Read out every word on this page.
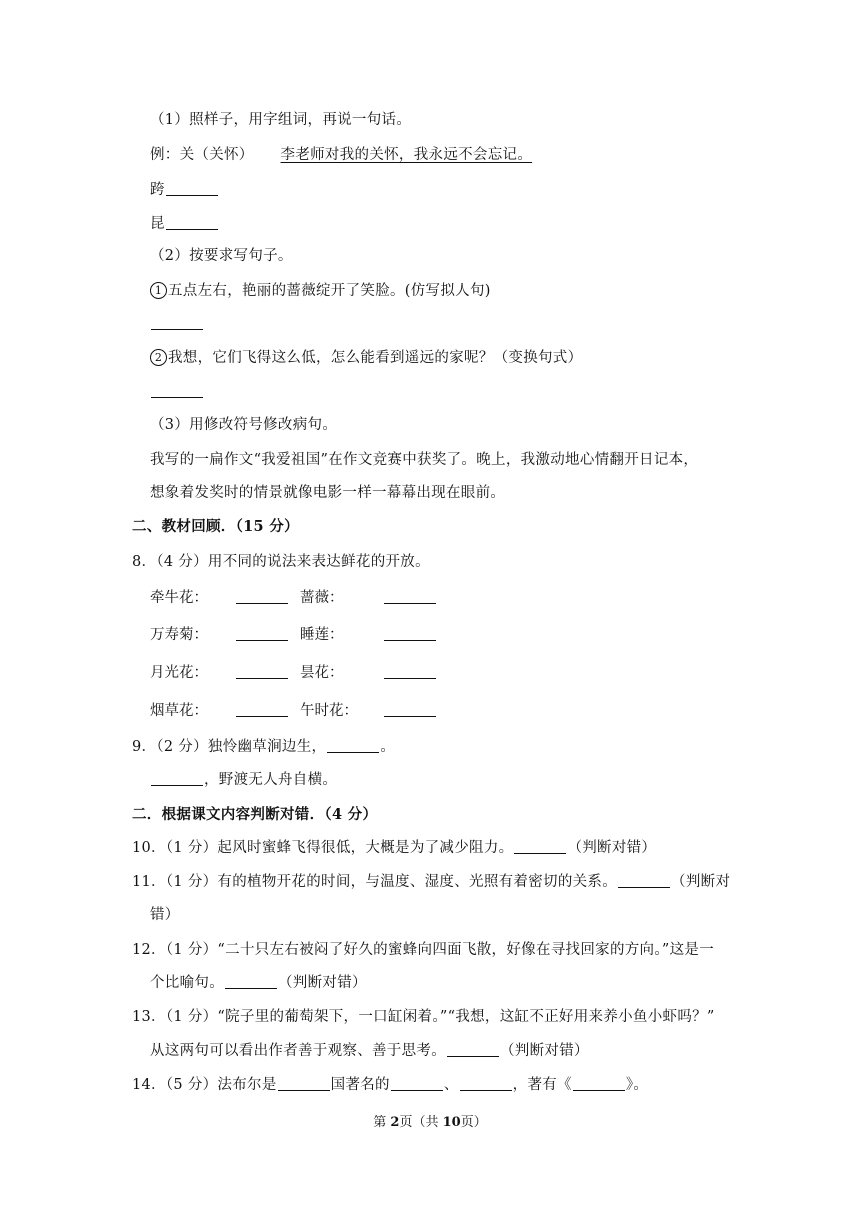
（1）照样子，用字组词，再说一句话。
例：关（关怀） 李老师对我的关怀，我永远不会忘记。
跨
昆
（2）按要求写句子。
1 五点左右，艳丽的蔷薇绽开了笑脸。(仿写拟人句)
2 我想，它们飞得这么低，怎么能看到遥远的家呢？（变换句式）
（3）用修改符号修改病句。
我写的一扁作文“我爱祖国”在作文竞赛中获奖了。晚上，我激动地心情翻开日记本，
想象着发奖时的情景就像电影一样一幕幕出现在眼前。
二、教材回顾．（15 分）
8．（4 分）用不同的说法来表达鲜花的开放。
牵牛花：	蔷薇：
万寿菊：	睡莲：
月光花：	昙花：
烟草花：	午时花：
9．（2 分）独怜幽草涧边生，	。
，野渡无人舟自横。
二．根据课文内容判断对错．（4 分）
10．（1 分）起风时蜜蜂飞得很低，大概是为了减少阻力。	（判断对错）
11．（1 分）有的植物开花的时间，与温度、湿度、光照有着密切的关系。	（判断对
错）
12．（1 分）“二十只左右被闷了好久的蜜蜂向四面飞散，好像在寻找回家的方向。”这是一
个比喻句。	（判断对错）
13．（1 分）“院子里的葡萄架下，一口缸闲着。”“我想，这缸不正好用来养小鱼小虾吗？”
从这两句可以看出作者善于观察、善于思考。	（判断对错）
14．（5 分）法布尔是	国著名的	、	，著有《	》。
第 2页（共 10页）
